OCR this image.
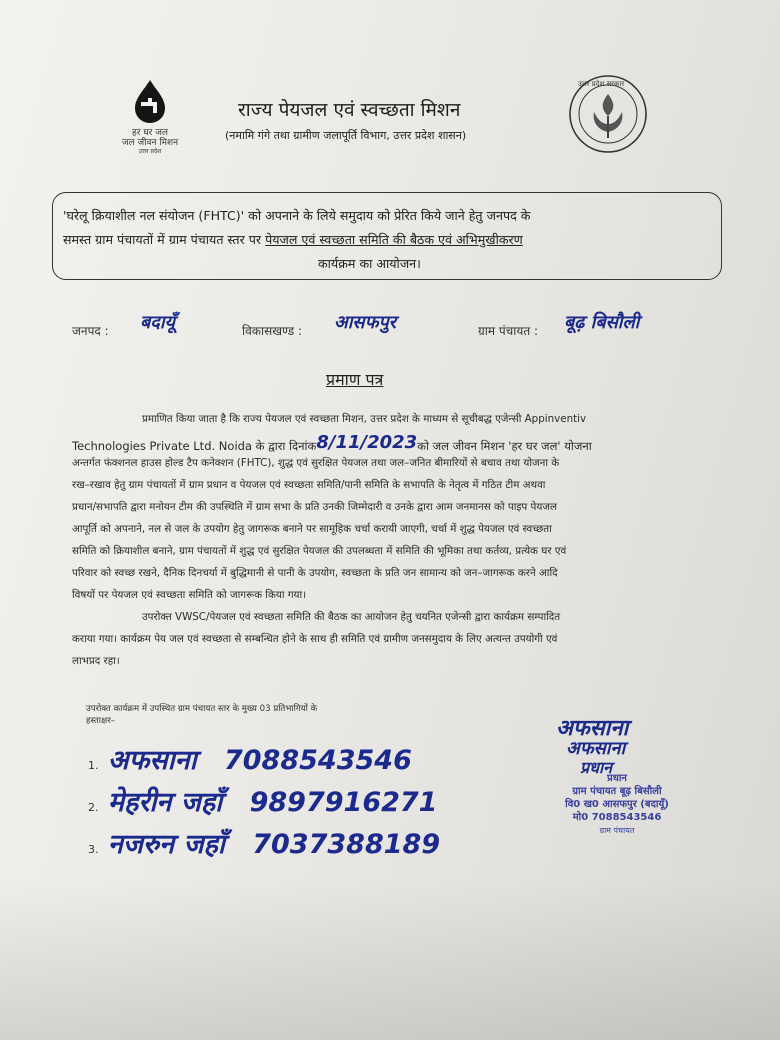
हर घर जल
जल जीवन मिशन
उत्तर प्रदेश
राज्य पेयजल एवं स्वच्छता मिशन
(नमामि गंगे तथा ग्रामीण जलापूर्ति विभाग, उत्तर प्रदेश शासन)
उत्तर प्रदेश सरकार

'घरेलू क्रियाशील नल संयोजन (FHTC)' को अपनाने के लिये समुदाय को प्रेरित किये जाने हेतु जनपद के

समस्त ग्राम पंचायतों में ग्राम पंचायत स्तर पर पेयजल एवं स्वच्छता समिति की बैठक एवं अभिमुखीकरण

कार्यक्रम का आयोजन।

जनपद : बदायूँ	विकासखण्ड : आसफपुर	ग्राम पंचायत : बूढ़ बिसौली
प्रमाण पत्र

प्रमाणित किया जाता है कि राज्य पेयजल एवं स्वच्छता मिशन, उत्तर प्रदेश के माध्यम से सूचीबद्ध एजेन्सी Appinventiv

Technologies Private Ltd. Noida के द्वारा दिनांक8/11/2023को जल जीवन मिशन 'हर घर जल' योजना

अन्तर्गत फंक्शनल हाउस होल्ड टैप कनेक्शन (FHTC), शुद्ध एवं सुरक्षित पेयजल तथा जल–जनित बीमारियों से बचाव तथा योजना के

रख–रखाव हेतु ग्राम पंचायतों में ग्राम प्रधान व पेयजल एवं स्वच्छता समिति/पानी समिति के सभापति के नेतृत्व में गठित टीम अथवा

प्रधान/सभापति द्वारा मनोयन टीम की उपस्थिति में ग्राम सभा के प्रति उनकी जिम्मेदारी व उनके द्वारा आम जनमानस को पाइप पेयजल

आपूर्ति को अपनाने, नल से जल के उपयोग हेतु जागरूक बनाने पर सामूहिक चर्चा करायी जाएगी, चर्चा में शुद्ध पेयजल एवं स्वच्छता

समिति को क्रियाशील बनाने, ग्राम पंचायतों में शुद्ध एवं सुरक्षित पेयजल की उपलब्धता में समिति की भूमिका तथा कर्तव्य, प्रत्येक घर एवं

परिवार को स्वच्छ रखने, दैनिक दिनचर्या में बुद्धिमानी से पानी के उपयोग, स्वच्छता के प्रति जन सामान्य को जन–जागरूक करने आदि

विषयों पर पेयजल एवं स्वच्छता समिति को जागरूक किया गया।

उपरोक्त VWSC/पेयजल एवं स्वच्छता समिति की बैठक का आयोजन हेतु चयनित एजेन्सी द्वारा कार्यक्रम सम्पादित

कराया गया। कार्यक्रम पेय जल एवं स्वच्छता से सम्बन्धित होने के साथ ही समिति एवं ग्रामीण जनसमुदाय के लिए अत्यन्त उपयोगी एवं

लाभप्रद रहा।

उपरोक्त कार्यक्रम में उपस्थित ग्राम पंचायत स्तर के मुख्य 03 प्रतिभागियों के
हस्ताक्षर–
1. अफसाना 7088543546
2. मेहरीन जहाँ 9897916271
3. नजरुन जहाँ 7037388189
अफसाना
अफसाना
प्रधान
प्रधान
ग्राम पंचायत बूढ़ बिसौली
वि0 ख0 आसफपुर (बदायूँ)
मो0 7088543546
ग्राम पंचायत
